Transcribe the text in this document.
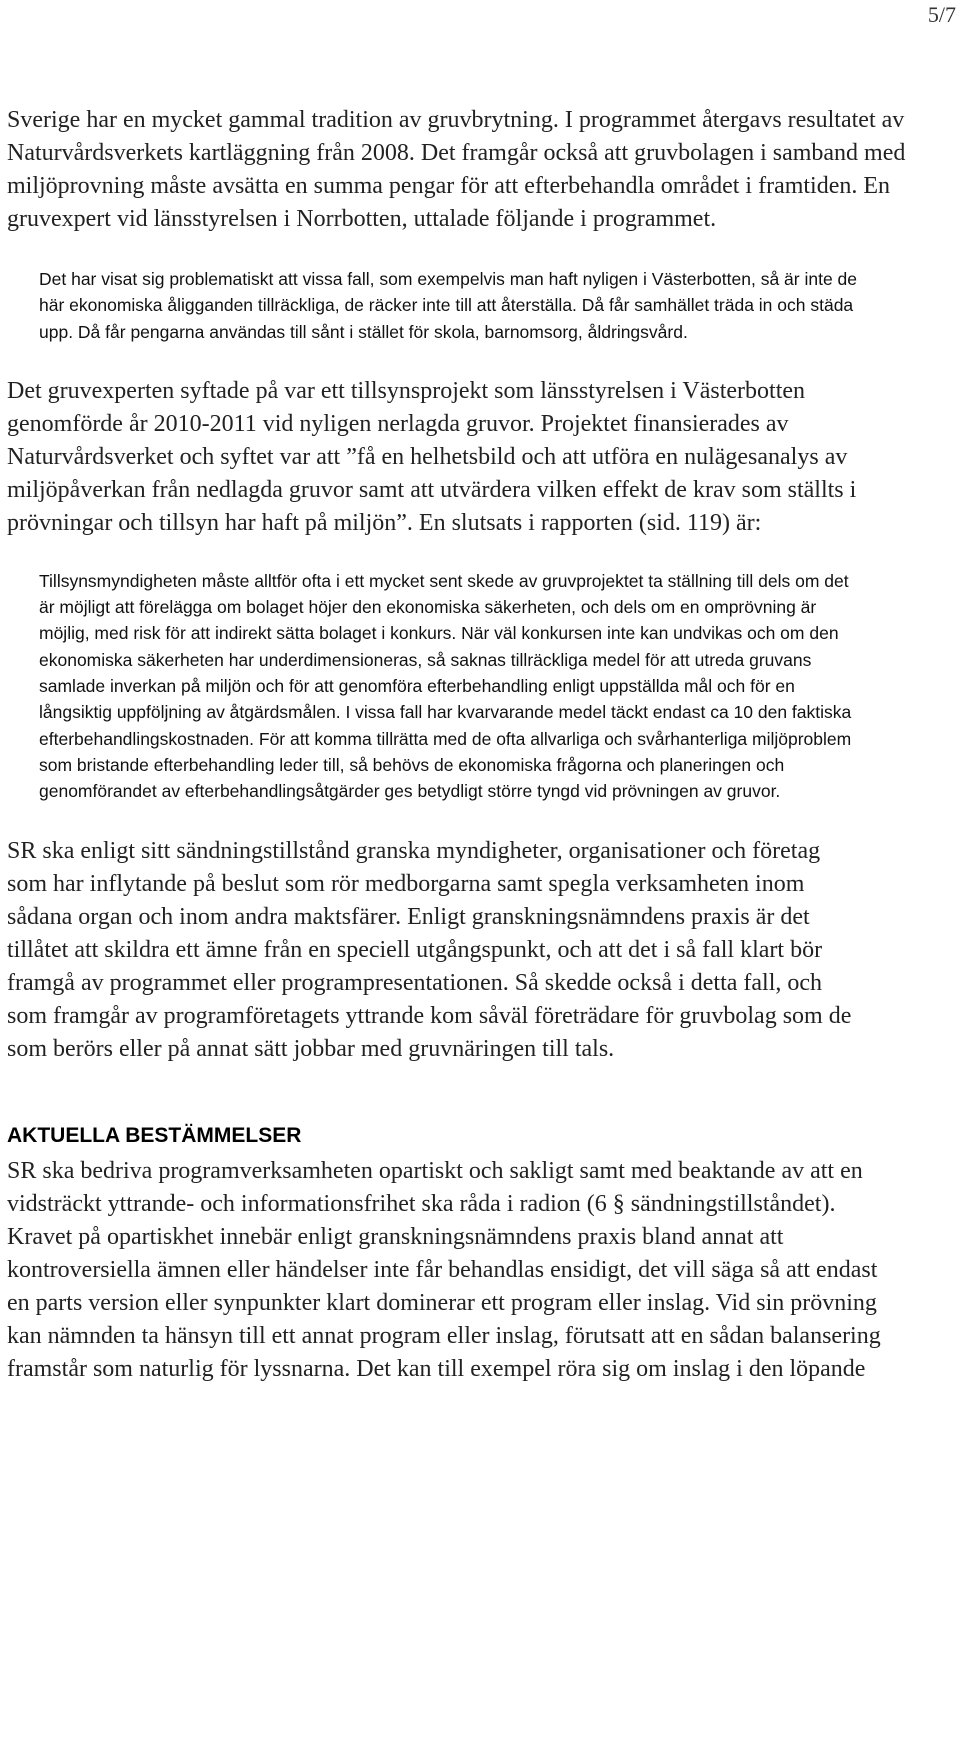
5/7

Sverige har en mycket gammal tradition av gruvbrytning. I programmet återgavs resultatet av Naturvårdsverkets kartläggning från 2008. Det framgår också att gruvbolagen i samband med miljöprovning måste avsätta en summa pengar för att efterbehandla området i framtiden. En gruvexpert vid länsstyrelsen i Norrbotten, uttalade följande i programmet.

Det har visat sig problematiskt att vissa fall, som exempelvis man haft nyligen i Västerbotten, så är inte de här ekonomiska åligganden tillräckliga, de räcker inte till att återställa. Då får samhället träda in och städa upp. Då får pengarna användas till sånt i stället för skola, barnomsorg, åldringsvård.

Det gruvexperten syftade på var ett tillsynsprojekt som länsstyrelsen i Västerbotten genomförde år 2010-2011 vid nyligen nerlagda gruvor. Projektet finansierades av Naturvårdsverket och syftet var att ”få en helhetsbild och att utföra en nulägesanalys av miljöpåverkan från nedlagda gruvor samt att utvärdera vilken effekt de krav som ställts i prövningar och tillsyn har haft på miljön”. En slutsats i rapporten (sid. 119) är:

Tillsynsmyndigheten måste alltför ofta i ett mycket sent skede av gruvprojektet ta ställning till dels om det är möjligt att förelägga om bolaget höjer den ekonomiska säkerheten, och dels om en omprövning är möjlig, med risk för att indirekt sätta bolaget i konkurs. När väl konkursen inte kan undvikas och om den ekonomiska säkerheten har underdimensioneras, så saknas tillräckliga medel för att utreda gruvans samlade inverkan på miljön och för att genomföra efterbehandling enligt uppställda mål och för en långsiktig uppföljning av åtgärdsmålen. I vissa fall har kvarvarande medel täckt endast ca 10 den faktiska efterbehandlingskostnaden. För att komma tillrätta med de ofta allvarliga och svårhanterliga miljöproblem som bristande efterbehandling leder till, så behövs de ekonomiska frågorna och planeringen och genomförandet av efterbehandlingsåtgärder ges betydligt större tyngd vid prövningen av gruvor.

SR ska enligt sitt sändningstillstånd granska myndigheter, organisationer och företag som har inflytande på beslut som rör medborgarna samt spegla verksamheten inom sådana organ och inom andra maktsfärer. Enligt granskningsnämndens praxis är det tillåtet att skildra ett ämne från en speciell utgångspunkt, och att det i så fall klart bör framgå av programmet eller programpresentationen. Så skedde också i detta fall, och som framgår av programföretagets yttrande kom såväl företrädare för gruvbolag som de som berörs eller på annat sätt jobbar med gruvnäringen till tals.

AKTUELLA BESTÄMMELSER

SR ska bedriva programverksamheten opartiskt och sakligt samt med beaktande av att en vidsträckt yttrande- och informationsfrihet ska råda i radion (6 § sändningstillståndet). Kravet på opartiskhet innebär enligt granskningsnämndens praxis bland annat att kontroversiella ämnen eller händelser inte får behandlas ensidigt, det vill säga så att endast en parts version eller synpunkter klart dominerar ett program eller inslag. Vid sin prövning kan nämnden ta hänsyn till ett annat program eller inslag, förutsatt att en sådan balansering framstår som naturlig för lyssnarna. Det kan till exempel röra sig om inslag i den löpande
